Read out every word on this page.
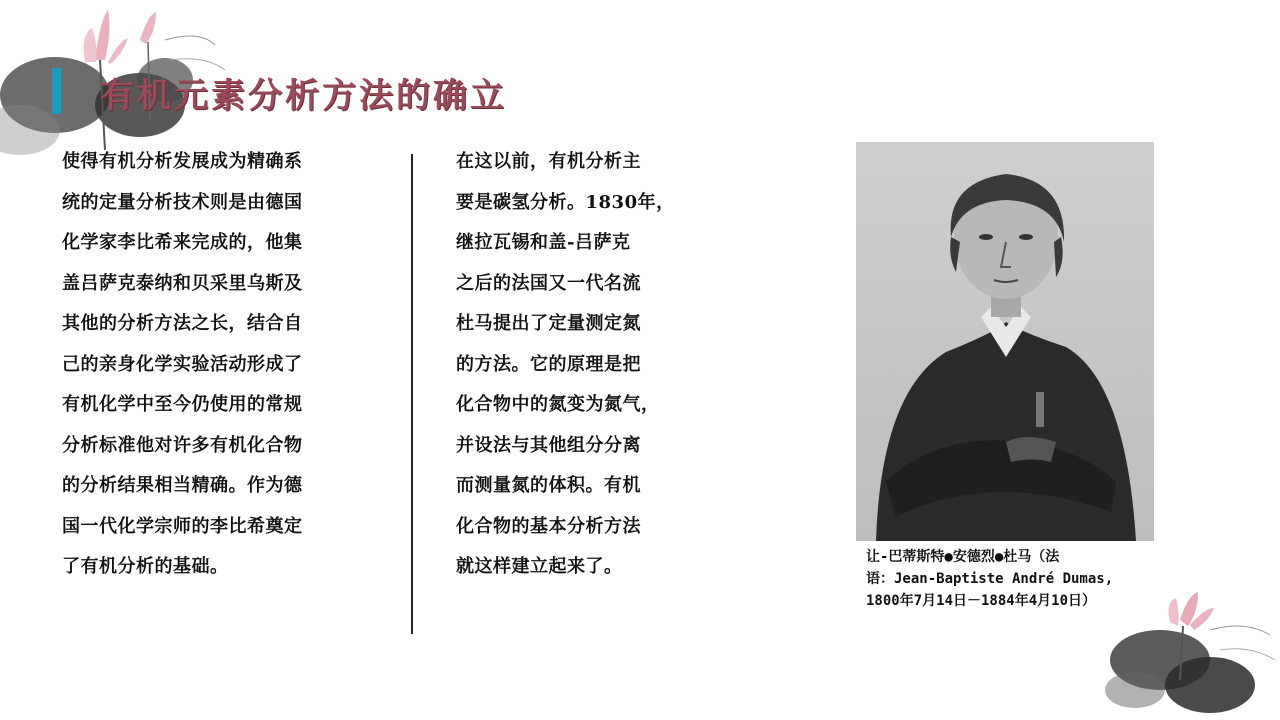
有机元素分析方法的确立
使得有机分析发展成为精确系
统的定量分析技术则是由德国
化学家李比希来完成的，他集
盖吕萨克泰纳和贝采里乌斯及
其他的分析方法之长，结合自
己的亲身化学实验活动形成了
有机化学中至今仍使用的常规
分析标准他对许多有机化合物
的分析结果相当精确。作为德
国一代化学宗师的李比希奠定
了有机分析的基础。
在这以前，有机分析主
要是碳氢分析。1830年，
继拉瓦锡和盖-吕萨克
之后的法国又一代名流
杜马提出了定量测定氮
的方法。它的原理是把
化合物中的氮变为氮气，
并设法与其他组分分离
而测量氮的体积。有机
化合物的基本分析方法
就这样建立起来了。	让-巴蒂斯特●安德烈●杜马（法
语：Jean-Baptiste André Dumas,
1800年7月14日－1884年4月10日）
